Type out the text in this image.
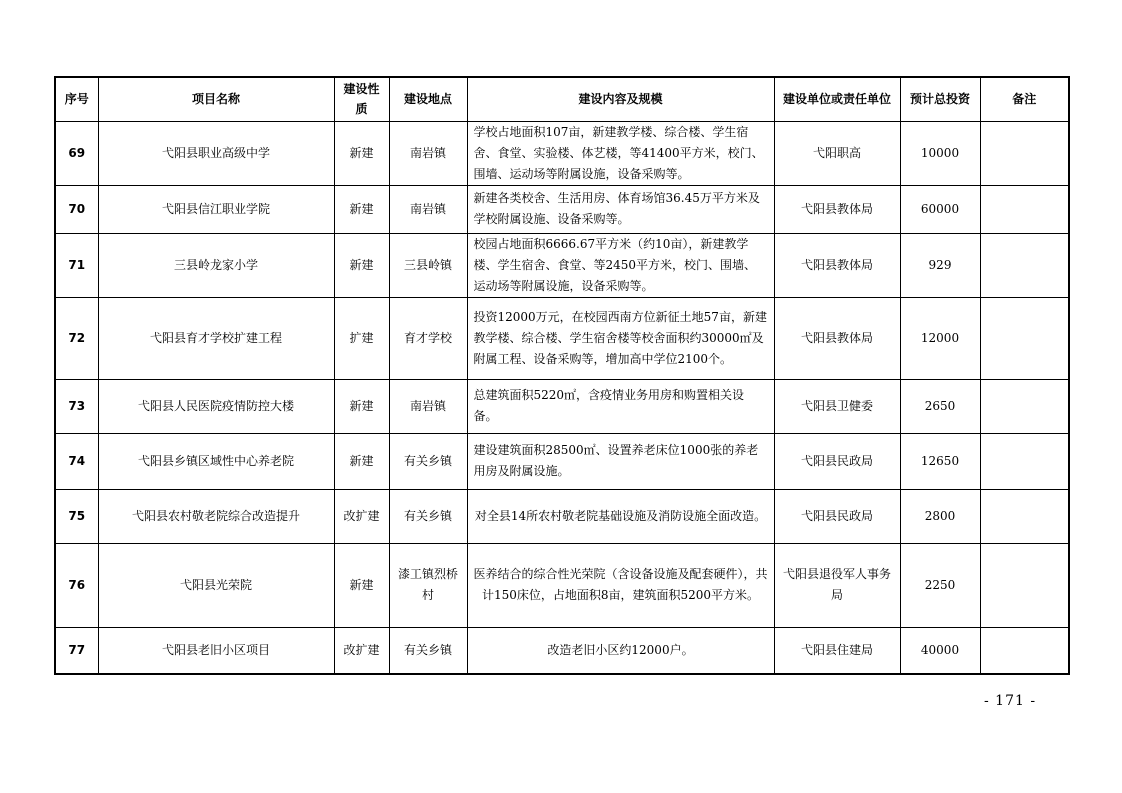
序号	项目名称	建设性质	建设地点	建设内容及规模	建设单位或责任单位	预计总投资	备注
69	弋阳县职业高级中学	新建	南岩镇	学校占地面积107亩，新建教学楼、综合楼、学生宿舍、食堂、实验楼、体艺楼，等41400平方米，校门、围墙、运动场等附属设施，设备采购等。	弋阳职高	10000	
70	弋阳县信江职业学院	新建	南岩镇	新建各类校舍、生活用房、体育场馆36.45万平方米及学校附属设施、设备采购等。	弋阳县教体局	60000	
71	三县岭龙家小学	新建	三县岭镇	校园占地面积6666.67平方米（约10亩），新建教学楼、学生宿舍、食堂、等2450平方米，校门、围墙、运动场等附属设施，设备采购等。	弋阳县教体局	929	
72	弋阳县育才学校扩建工程	扩建	育才学校	投资12000万元，在校园西南方位新征土地57亩，新建教学楼、综合楼、学生宿舍楼等校舍面积约30000㎡及附属工程、设备采购等，增加高中学位2100个。	弋阳县教体局	12000	
73	弋阳县人民医院疫情防控大楼	新建	南岩镇	总建筑面积5220㎡，含疫情业务用房和购置相关设备。	弋阳县卫健委	2650	
74	弋阳县乡镇区域性中心养老院	新建	有关乡镇	建设建筑面积28500㎡、设置养老床位1000张的养老用房及附属设施。	弋阳县民政局	12650	
75	弋阳县农村敬老院综合改造提升	改扩建	有关乡镇	对全县14所农村敬老院基础设施及消防设施全面改造。	弋阳县民政局	2800	
76	弋阳县光荣院	新建	漆工镇烈桥村	医养结合的综合性光荣院（含设备设施及配套硬件），共计150床位，占地面积8亩，建筑面积5200平方米。	弋阳县退役军人事务局	2250	
77	弋阳县老旧小区项目	改扩建	有关乡镇	改造老旧小区约12000户。	弋阳县住建局	40000	
- 171 -
